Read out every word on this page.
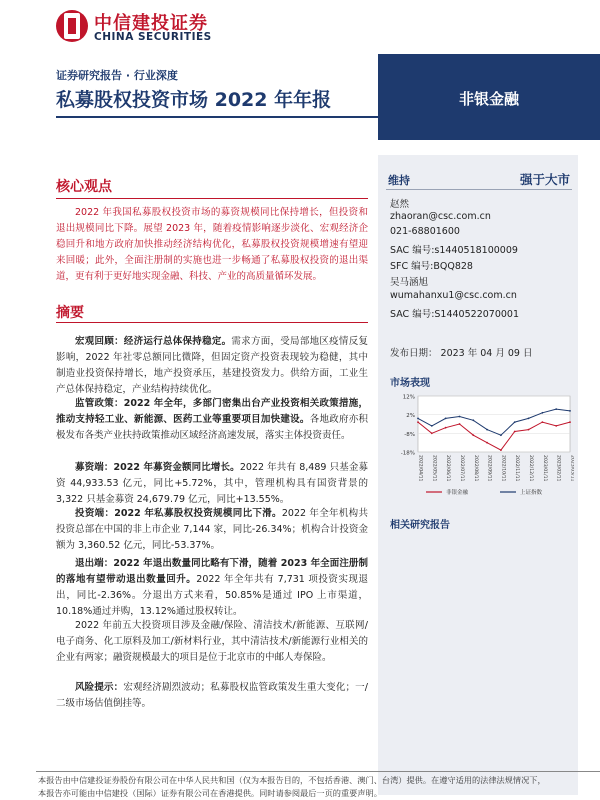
中信建投证券
CHINA SECURITIES
证券研究报告 · 行业深度
私募股权投资市场 2022 年年报	非银金融
维持	强于大市
赵然
zhaoran@csc.com.cn
021-68801600
SAC 编号:s1440518100009
SFC 编号:BQQ828
吴马涵旭
wumahanxu1@csc.com.cn
SAC 编号:S1440522070001
发布日期： 2023 年 04 月 09 日
市场表现
12%
2%
-8%
-18%
2022/04/11 2022/05/11 2022/06/11 2022/07/11 2022/08/11 2022/09/11 2022/10/11 2022/11/11 2022/12/11 2023/01/11 2023/02/11 2023/03/11
非银金融	上证指数
相关研究报告
核心观点
2022 年我国私募股权投资市场的募资规模同比保持增长，但投资和退出规模同比下降。展望 2023 年，随着疫情影响逐步淡化、宏观经济企稳回升和地方政府加快推动经济结构优化，私募股权投资规模增速有望迎来回暖；此外，全面注册制的实施也进一步畅通了私募股权投资的退出渠道，更有利于更好地实现金融、科技、产业的高质量循环发展。
摘要
宏观回顾：经济运行总体保持稳定。需求方面，受局部地区疫情反复影响，2022 年社零总额同比微降，但固定资产投资表现较为稳健，其中制造业投资保持增长，地产投资承压，基建投资发力。供给方面，工业生产总体保持稳定，产业结构持续优化。
监管政策：2022 年全年，多部门密集出台产业投资相关政策措施，推动支持轻工业、新能源、医药工业等重要项目加快建设。各地政府亦积极发布各类产业扶持政策推动区域经济高速发展，落实主体投资责任。
募资端：2022 年募资金额同比增长。2022 年共有 8,489 只基金募资 44,933.53 亿元，同比+5.72%，其中，管理机构具有国资背景的 3,322 只基金募资 24,679.79 亿元，同比+13.55%。
投资端：2022 年私募股权投资规模同比下滑。2022 年全年机构共投资总部在中国的非上市企业 7,144 家，同比-26.34%；机构合计投资金额为 3,360.52 亿元，同比-53.37%。
退出端：2022 年退出数量同比略有下滑，随着 2023 年全面注册制的落地有望带动退出数量回升。2022 年全年共有 7,731 项投资实现退出，同比-2.36%。分退出方式来看，50.85%是通过 IPO 上市渠道，10.18%通过并购，13.12%通过股权转让。
2022 年前五大投资项目涉及金融/保险、清洁技术/新能源、互联网/电子商务、化工原料及加工/新材料行业，其中清洁技术/新能源行业相关的企业有两家；融资规模最大的项目是位于北京市的中邮人寿保险。
风险提示：宏观经济剧烈波动；私募股权监管政策发生重大变化；一/二级市场估值倒挂等。
本报告由中信建投证券股份有限公司在中华人民共和国（仅为本报告目的，不包括香港、澳门、台湾）提供。在遵守适用的法律法规情况下，
本报告亦可能由中信建投（国际）证券有限公司在香港提供。同时请参阅最后一页的重要声明。
